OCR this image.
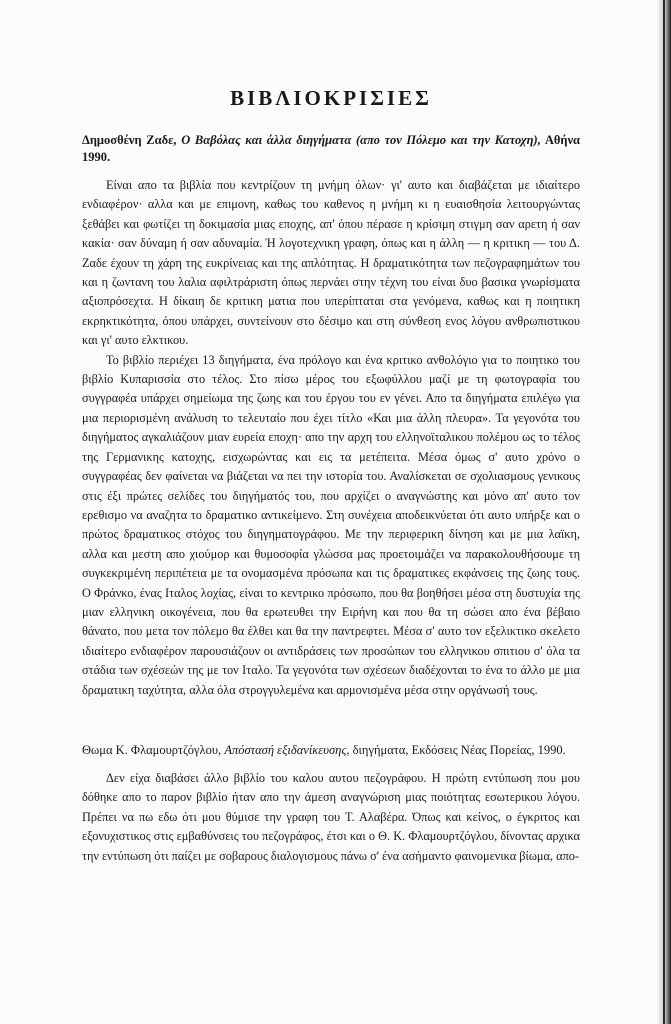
ΒΙΒΛΙΟΚΡΙΣΙΕΣ

Δημοσθένη Ζαδε, Ο Βαβόλας και άλλα διηγήματα (απο τον Πόλεμο και την Κατοχη), Αθήνα 1990.

Είναι απο τα βιβλία που κεντρίζουν τη μνήμη όλων· γι' αυτο και διαβάζεται με ιδιαίτερο ενδιαφέρον· αλλα και με επιμονη, καθως του καθενος η μνήμη κι η ευαισθησία λειτουργώντας ξεθάβει και φωτίζει τη δοκιμασία μιας εποχης, απ' όπου πέρασε η κρίσιμη στιγμη σαν αρετη ή σαν κακία· σαν δύναμη ή σαν αδυναμία. Ή λογοτεχνικη γραφη, όπως και η άλλη — η κριτικη — του Δ. Ζαδε έχουν τη χάρη της ευκρίνειας και της απλότητας. Η δραματικότητα των πεζογραφημάτων του και η ζωντανη του λαλια αφιλτράριστη όπως περνάει στην τέχνη του είναι δυο βασικα γνωρίσματα αξιοπρόσεχτα. Η δίκαιη δε κριτικη ματια που υπερίπταται στα γενόμενα, καθως και η ποιητικη εκρηκτικότητα, όπου υπάρχει, συντείνουν στο δέσιμο και στη σύνθεση ενος λόγου ανθρωπιστικου και γι' αυτο ελκτικου.

Το βιβλίο περιέχει 13 διηγήματα, ένα πρόλογο και ένα κριτικο ανθολόγιο για το ποιητικο του βιβλίο Κυπαρισσία στο τέλος. Στο πίσω μέρος του εξωφύλλου μαζί με τη φωτογραφία του συγγραφέα υπάρχει σημείωμα της ζωης και του έργου του εν γένει. Απο τα διηγήματα επιλέγω για μια περιορισμένη ανάλυση το τελευταίο που έχει τίτλο «Και μια άλλη πλευρα». Τα γεγονότα του διηγήματος αγκαλιάζουν μιαν ευρεία εποχη· απο την αρχη του ελληνοϊταλικου πολέμου ως το τέλος της Γερμανικης κατοχης, εισχωρώντας και εις τα μετέπειτα. Μέσα όμως σ' αυτο χρόνο ο συγγραφέας δεν φαίνεται να βιάζεται να πει την ιστορία του. Αναλίσκεται σε σχολιασμους γενικους στις έξι πρώτες σελίδες του διηγήματός του, που αρχίζει ο αναγνώστης και μόνο απ' αυτο τον ερεθισμο να αναζητα το δραματικο αντικείμενο. Στη συνέχεια αποδεικνύεται ότι αυτο υπήρξε και ο πρώτος δραματικος στόχος του διηγηματογράφου. Με την περιφερικη δίνηση και με μια λαϊκη, αλλα και μεστη απο χιούμορ και θυμοσοφία γλώσσα μας προετοιμάζει να παρακολουθήσουμε τη συγκεκριμένη περιπέτεια με τα ονομασμένα πρόσωπα και τις δραματικες εκφάνσεις της ζωης τους. Ο Φράνκο, ένας Ιταλος λοχίας, είναι το κεντρικο πρόσωπο, που θα βοηθήσει μέσα στη δυστυχία της μιαν ελληνικη οικογένεια, που θα ερωτευθει την Ειρήνη και που θα τη σώσει απο ένα βέβαιο θάνατο, που μετα τον πόλεμο θα έλθει και θα την παντρεφτει. Μέσα σ' αυτο τον εξελικτικο σκελετο ιδιαίτερο ενδιαφέρον παρουσιάζουν οι αντιδράσεις των προσώπων του ελληνικου σπιτιου σ' όλα τα στάδια των σχέσεών της με τον Ιταλο. Τα γεγονότα των σχέσεων διαδέχονται το ένα το άλλο με μια δραματικη ταχύτητα, αλλα όλα στρογγυλεμένα και αρμονισμένα μέσα στην οργάνωσή τους.

Θωμα Κ. Φλαμουρτζόγλου, Απόστασή εξιδανίκευσης, διηγήματα, Εκδόσεις Νέας Πορείας, 1990.

Δεν είχα διαβάσει άλλο βιβλίο του καλου αυτου πεζογράφου. Η πρώτη εντύπωση που μου δόθηκε απο το παρον βιβλίο ήταν απο την άμεση αναγνώριση μιας ποιότητας εσωτερικου λόγου. Πρέπει να πω εδω ότι μου θύμισε την γραφη του Τ. Αλαβέρα. Όπως και κείνος, ο έγκριτος και εξονυχιστικος στις εμβαθύνσεις του πεζογράφος, έτσι και ο Θ. Κ. Φλαμουρτζόγλου, δίνοντας αρχικα την εντύπωση ότι παίζει με σοβαρους διαλογισμους πάνω σ' ένα ασήμαντο φαινομενικα βίωμα, απο-
